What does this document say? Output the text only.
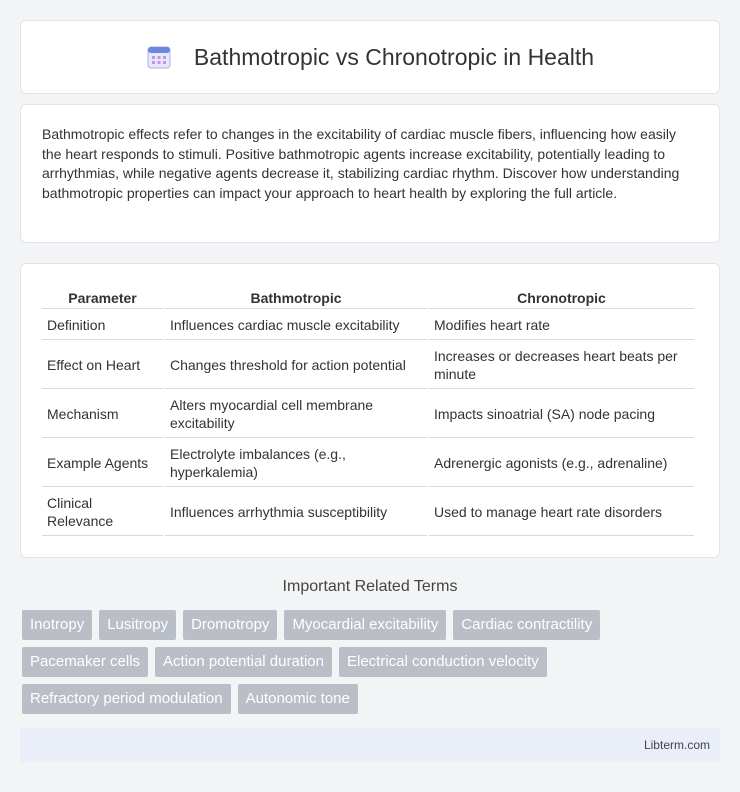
Bathmotropic vs Chronotropic in Health

Bathmotropic effects refer to changes in the excitability of cardiac muscle fibers, influencing how easily the heart responds to stimuli. Positive bathmotropic agents increase excitability, potentially leading to arrhythmias, while negative agents decrease it, stabilizing cardiac rhythm. Discover how understanding bathmotropic properties can impact your approach to heart health by exploring the full article.

Parameter	Bathmotropic	Chronotropic
Definition	Influences cardiac muscle excitability	Modifies heart rate
Effect on Heart	Changes threshold for action potential	Increases or decreases heart beats per minute
Mechanism	Alters myocardial cell membrane excitability	Impacts sinoatrial (SA) node pacing
Example Agents	Electrolyte imbalances (e.g., hyperkalemia)	Adrenergic agonists (e.g., adrenaline)
Clinical Relevance	Influences arrhythmia susceptibility	Used to manage heart rate disorders
Important Related Terms
Inotropy	Lusitropy	Dromotropy	Myocardial excitability	Cardiac contractility
Pacemaker cells	Action potential duration	Electrical conduction velocity
Refractory period modulation	Autonomic tone
Libterm.com
